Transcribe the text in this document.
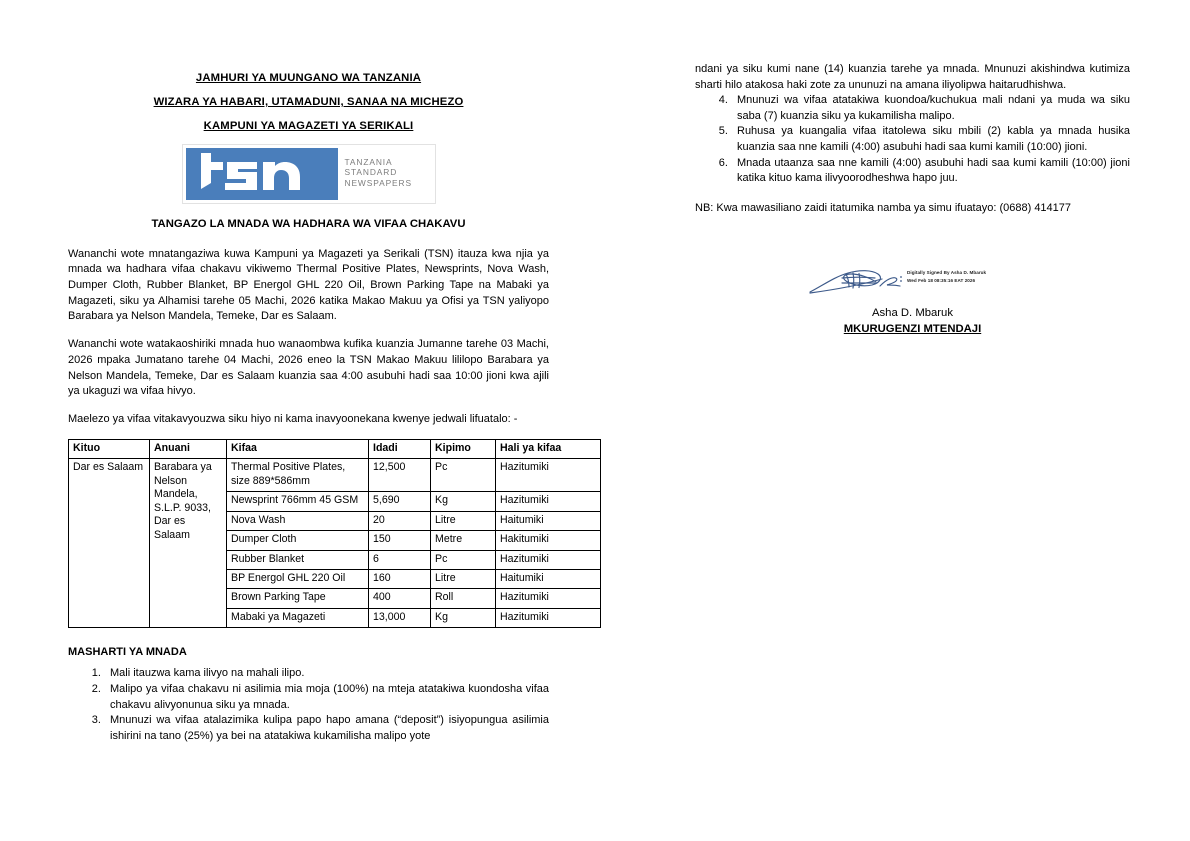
JAMHURI YA MUUNGANO WA TANZANIA
WIZARA YA HABARI, UTAMADUNI, SANAA NA MICHEZO
KAMPUNI YA MAGAZETI YA SERIKALI
TANZANIA
STANDARD
NEWSPAPERS
TANGAZO LA MNADA WA HADHARA WA VIFAA CHAKAVU

Wananchi wote mnatangaziwa kuwa Kampuni ya Magazeti ya Serikali (TSN) itauza kwa njia ya mnada wa hadhara vifaa chakavu vikiwemo Thermal Positive Plates, Newsprints, Nova Wash, Dumper Cloth, Rubber Blanket, BP Energol GHL 220 Oil, Brown Parking Tape na Mabaki ya Magazeti, siku ya Alhamisi tarehe 05 Machi, 2026 katika Makao Makuu ya Ofisi ya TSN yaliyopo Barabara ya Nelson Mandela, Temeke, Dar es Salaam.

Wananchi wote watakaoshiriki mnada huo wanaombwa kufika kuanzia Jumanne tarehe 03 Machi, 2026 mpaka Jumatano tarehe 04 Machi, 2026 eneo la TSN Makao Makuu lililopo Barabara ya Nelson Mandela, Temeke, Dar es Salaam kuanzia saa 4:00 asubuhi hadi saa 10:00 jioni kwa ajili ya ukaguzi wa vifaa hivyo.

Maelezo ya vifaa vitakavyouzwa siku hiyo ni kama inavyoonekana kwenye jedwali lifuatalo: -

Kituo	Anuani	Kifaa	Idadi	Kipimo	Hali ya kifaa
Dar es Salaam	Barabara ya Nelson Mandela, S.L.P. 9033, Dar es Salaam	Thermal Positive Plates, size 889*586mm	12,500	Pc	Hazitumiki
		Newsprint 766mm 45 GSM	5,690	Kg	Hazitumiki
		Nova Wash	20	Litre	Haitumiki
		Dumper Cloth	150	Metre	Hakitumiki
		Rubber Blanket	6	Pc	Hazitumiki
		BP Energol GHL 220 Oil	160	Litre	Haitumiki
		Brown Parking Tape	400	Roll	Hazitumiki
		Mabaki ya Magazeti	13,000	Kg	Hazitumiki
MASHARTI YA MNADA
1. Mali itauzwa kama ilivyo na mahali ilipo.
2. Malipo ya vifaa chakavu ni asilimia mia moja (100%) na mteja atatakiwa kuondosha vifaa chakavu alivyonunua siku ya mnada.
3. Mnunuzi wa vifaa atalazimika kulipa papo hapo amana (“deposit”) isiyopungua asilimia ishirini na tano (25%) ya bei na atatakiwa kukamilisha malipo yote

ndani ya siku kumi nane (14) kuanzia tarehe ya mnada. Mnunuzi akishindwa kutimiza sharti hilo atakosa haki zote za ununuzi na amana iliyolipwa haitarudhishwa.

4. Mnunuzi wa vifaa atatakiwa kuondoa/kuchukua mali ndani ya muda wa siku saba (7) kuanzia siku ya kukamilisha malipo.
5. Ruhusa ya kuangalia vifaa itatolewa siku mbili (2) kabla ya mnada husika kuanzia saa nne kamili (4:00) asubuhi hadi saa kumi kamili (10:00) jioni.
6. Mnada utaanza saa nne kamili (4:00) asubuhi hadi saa kumi kamili (10:00) jioni katika kituo kama ilivyoorodheshwa hapo juu.

NB: Kwa mawasiliano zaidi itatumika namba ya simu ifuatayo: (0688) 414177

Digitally Signed By Asha D. Mbaruk
Wed Feb 18 08:35:16 EAT 2026
Asha D. Mbaruk
MKURUGENZI MTENDAJI
